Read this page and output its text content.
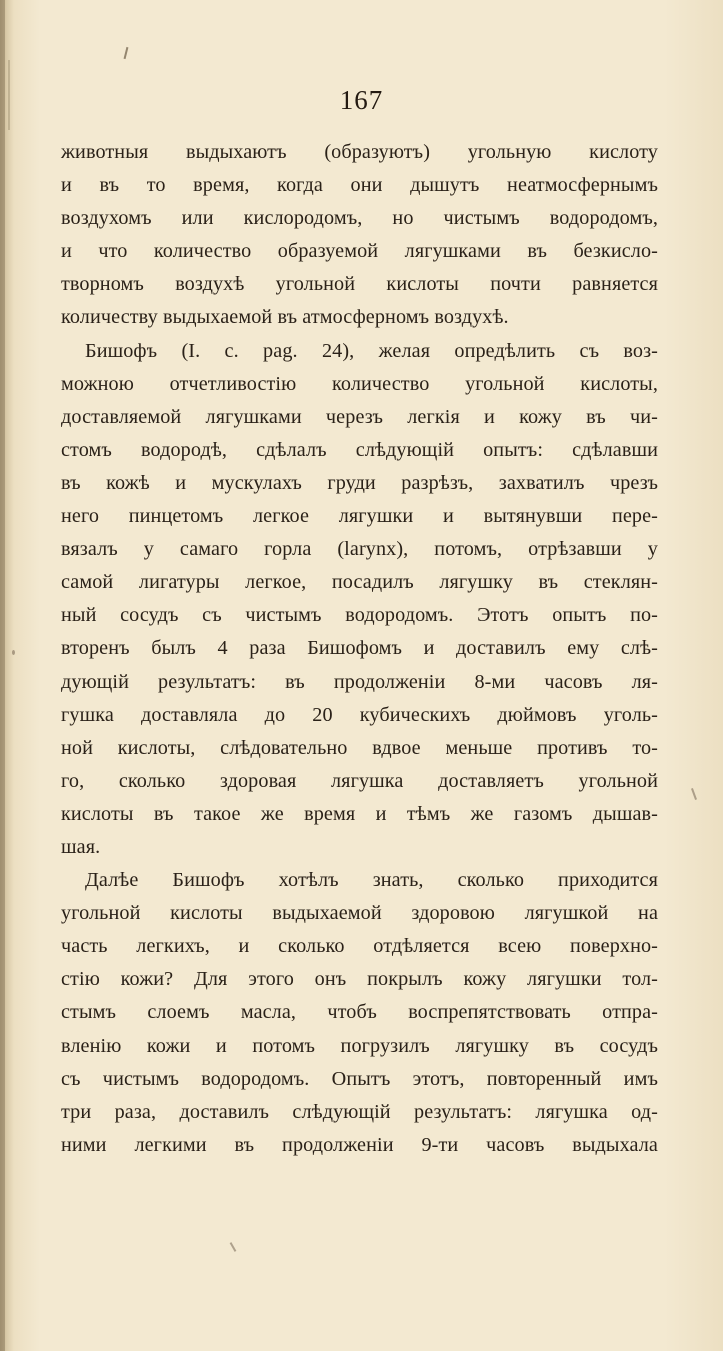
167
животныя выдыхаютъ (образуютъ) угольную кислоту
и въ то время, когда они дышутъ неатмосфернымъ
воздухомъ или кислородомъ, но чистымъ водородомъ,
и что количество образуемой лягушками въ безкисло-
творномъ воздухѣ угольной кислоты почти равняется
количеству выдыхаемой въ атмосферномъ воздухѣ.
Бишофъ (I. c. pag. 24), желая опредѣлить съ воз-
можною отчетливостію количество угольной кислоты,
доставляемой лягушками черезъ легкія и кожу въ чи-
стомъ водородѣ, сдѣлалъ слѣдующій опытъ: сдѣлавши
въ кожѣ и мускулахъ груди разрѣзъ, захватилъ чрезъ
него пинцетомъ легкое лягушки и вытянувши пере-
вязалъ у самаго горла (larynx), потомъ, отрѣзавши у
самой лигатуры легкое, посадилъ лягушку въ стеклян-
ный сосудъ съ чистымъ водородомъ. Этотъ опытъ по-
вторенъ былъ 4 раза Бишофомъ и доставилъ ему слѣ-
дующій результатъ: въ продолженіи 8-ми часовъ ля-
гушка доставляла до 20 кубическихъ дюймовъ уголь-
ной кислоты, слѣдовательно вдвое меньше противъ то-
го, сколько здоровая лягушка доставляетъ угольной
кислоты въ такое же время и тѣмъ же газомъ дышав-
шая.
Далѣе Бишофъ хотѣлъ знать, сколько приходится
угольной кислоты выдыхаемой здоровою лягушкой на
часть легкихъ, и сколько отдѣляется всею поверхно-
стію кожи? Для этого онъ покрылъ кожу лягушки тол-
стымъ слоемъ масла, чтобъ воспрепятствовать отпра-
вленію кожи и потомъ погрузилъ лягушку въ сосудъ
съ чистымъ водородомъ. Опытъ этотъ, повторенный имъ
три раза, доставилъ слѣдующій результатъ: лягушка од-
ними легкими въ продолженіи 9-ти часовъ выдыхала
